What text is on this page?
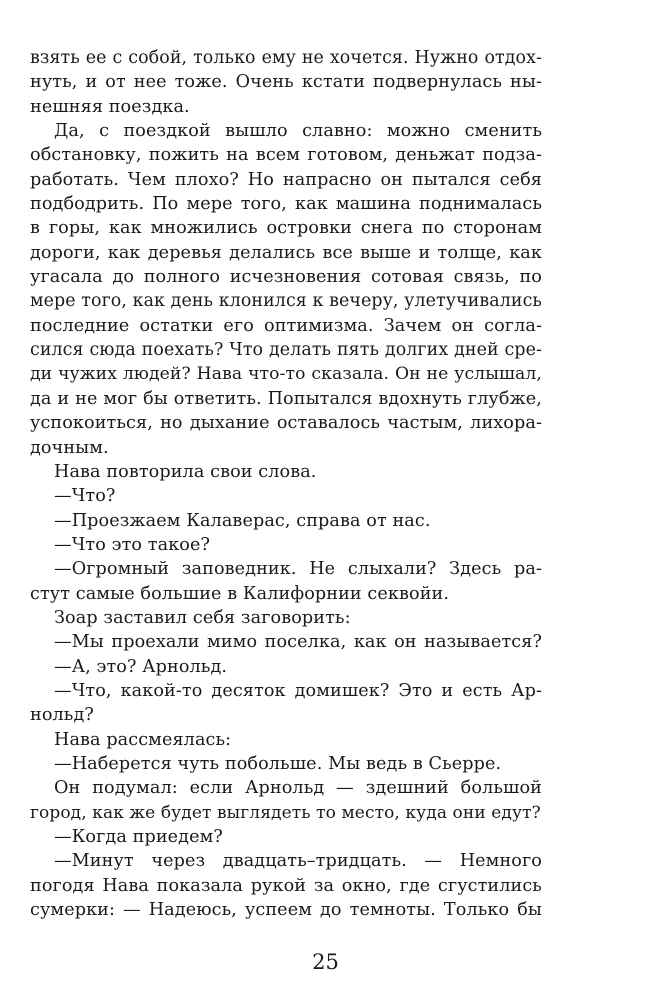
взять ее с собой, только ему не хочется. Нужно отдох-
нуть, и от нее тоже. Очень кстати подвернулась ны-
нешняя поездка.
Да, с поездкой вышло славно: можно сменить
обстановку, пожить на всем готовом, деньжат подза-
работать. Чем плохо? Но напрасно он пытался себя
подбодрить. По мере того, как машина поднималась
в горы, как множились островки снега по сторонам
дороги, как деревья делались все выше и толще, как
угасала до полного исчезновения сотовая связь, по
мере того, как день клонился к вечеру, улетучивались
последние остатки его оптимизма. Зачем он согла-
сился сюда поехать? Что делать пять долгих дней сре-
ди чужих людей? Нава что-то сказала. Он не услышал,
да и не мог бы ответить. Попытался вдохнуть глубже,
успокоиться, но дыхание оставалось частым, лихора-
дочным.
Нава повторила свои слова.
—Что?
—Проезжаем Калаверас, справа от нас.
—Что это такое?
—Огромный заповедник. Не слыхали? Здесь ра-
стут самые большие в Калифорнии секвойи.
Зоар заставил себя заговорить:
—Мы проехали мимо поселка, как он называется?
—А, это? Арнольд.
—Что, какой-то десяток домишек? Это и есть Ар-
нольд?
Нава рассмеялась:
—Наберется чуть побольше. Мы ведь в Сьерре.
Он подумал: если Арнольд — здешний большой
город, как же будет выглядеть то место, куда они едут?
—Когда приедем?
—Минут через двадцать–тридцать. — Немного
погодя Нава показала рукой за окно, где сгустились
сумерки: — Надеюсь, успеем до темноты. Только бы
25
